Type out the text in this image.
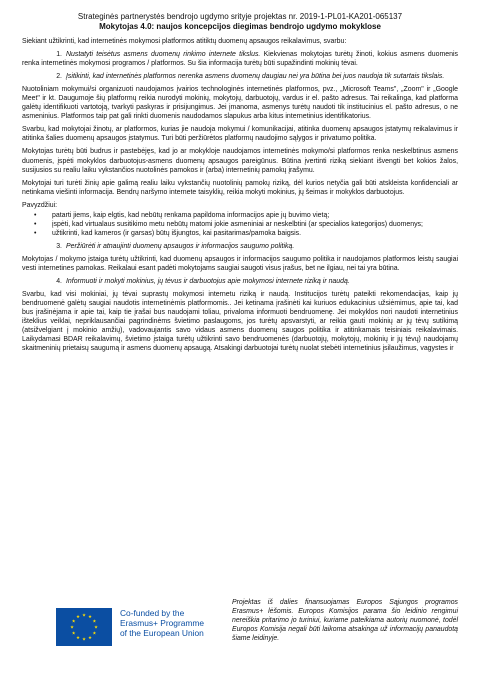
Strateginės partnerystės bendrojo ugdymo srityje projektas nr. 2019-1-PL01-KA201-065137
Mokytojas 4.0: naujos koncepcijos diegimas bendrojo ugdymo mokyklose

Siekiant užtikrinti, kad internetinės mokymosi platformos atitiktų duomenų apsaugos reikalavimus, svarbu:

1. Nustatyti teisėtus asmens duomenų rinkimo internete tikslus. Kiekvienas mokytojas turėtų žinoti, kokius asmens duomenis renka internetinės mokymosi programos / platformos. Su šia informacija turėtų būti supažindinti mokinių tėvai.
2. Įsitikinti, kad internetinės platformos nerenka asmens duomenų daugiau nei yra būtina bei juos naudoja tik sutartais tikslais.

Nuotoliniam mokymui/si organizuoti naudojamos įvairios technologinės internetinės platformos, pvz., „Microsoft Teams", „Zoom" ir „Google Meet" ir kt. Daugumoje šių platformų reikia nurodyti mokinių, mokytojų, darbuotojų, vardus ir el. pašto adresus. Tai reikalinga, kad platforma galėtų identifikuoti vartotoją, tvarkyti paskyras ir prisijungimus. Jei įmanoma, asmenys turėtų naudoti tik institucinius el. pašto adresus, o ne asmeninius. Platformos taip pat gali rinkti duomenis naudodamos slapukus arba kitus internetinius identifikatorius.

Svarbu, kad mokytojai žinotų, ar platformos, kurias jie naudoja mokymui / komunikacijai, atitinka duomenų apsaugos įstatymų reikalavimus ir atitinka šalies duomenų apsaugos įstatymus. Turi būti peržiūrėtos platformų naudojimo sąlygos ir privatumo politika.

Mokytojas turėtų būti budrus ir pastebėjęs, kad jo ar mokykloje naudojamos internetinės mokymo/si platformos renka neskelbtinus asmens duomenis, įspėti mokyklos darbuotojus-asmens duomenų apsaugos pareigūnus. Būtina įvertinti riziką siekiant išvengti bet kokios žalos, susijusios su realiu laiku vykstančios nuotolinės pamokos ir (arba) internetinių pamokų įrašymu.

Mokytojai turi turėti žinių apie galimą realiu laiku vykstančių nuotolinių pamokų riziką, dėl kurios netyčia gali būti atskleista konfidenciali ar netinkama viešinti informacija. Bendrų naršymo internete taisyklių, reikia mokyti mokinius, jų šeimas ir mokyklos darbuotojus.

Pavyzdžiui:

• patarti jiems, kaip elgtis, kad nebūtų renkama papildoma informacijos apie jų buvimo vietą;
• įspėti, kad virtualaus susitikimo metu nebūtų matomi jokie asmeniniai ar neskelbtini (ar specialios kategorijos) duomenys;
• užtikrinti, kad kameros (ir garsas) būtų išjungtos, kai pasitarimas/pamoka baigsis.
3. Peržiūrėti ir atnaujinti duomenų apsaugos ir informacijos saugumo politiką.

Mokytojas / mokymo įstaiga turėtų užtikrinti, kad duomenų apsaugos ir informacijos saugumo politika ir naudojamos platformos leistų saugiai vesti internetines pamokas. Reikalaui esant padėti mokytojams saugiai saugoti visus įrašus, bet ne ilgiau, nei tai yra būtina.

4. Informuoti ir mokyti mokinius, jų tėvus ir darbuotojus apie mokymosi internete riziką ir naudą.

Svarbu, kad visi mokiniai, jų tėvai suprastų mokymosi internetu riziką ir naudą. Institucijos turėtų pateikti rekomendacijas, kaip jų bendruomenė galėtų saugiai naudotis internetinėmis platformomis.. Jei ketinama įrašinėti kai kuriuos edukacinius užsiėmimus, apie tai, kad bus įrašinėjama ir apie tai, kaip tie įrašai bus naudojami toliau, privaloma informuoti bendruomenę. Jei mokyklos nori naudoti internetinius išteklius veiklai, nepriklausančiai pagrindinėms švietimo paslaugoms, jos turėtų apsvarstyti, ar reikia gauti mokinių ar jų tėvų sutikimą (atsižvelgiant į mokinio amžių), vadovaujantis savo vidaus asmens duomenų saugos politika ir atitinkamais teisiniais reikalavimais. Laikydamasi BDAR reikalavimų, švietimo įstaiga turėtų užtikrinti savo bendruomenės (darbuotojų, mokytojų, mokinių ir jų tėvų) naudojamų skaitmeninių prietaisų saugumą ir asmens duomenų apsaugą. Atsakingi darbuotojai turėtų nuolat stebėti internetinius įsilaužimus, vagystes ir

★ ★
★
★
★
★
★
★
★
★
★
★	Co-funded by the
Erasmus+ Programme
of the European Union
Projektas iš dalies finansuojamas Europos Sąjungos programos Erasmus+ lėšomis. Europos Komisijos parama šio leidinio rengimui nereiškia pritarimo jo turiniui, kuriame pateikiama autorių nuomonė, todėl Europos Komisija negali būti laikoma atsakinga už informacijų panaudotą šiame leidinyje.
